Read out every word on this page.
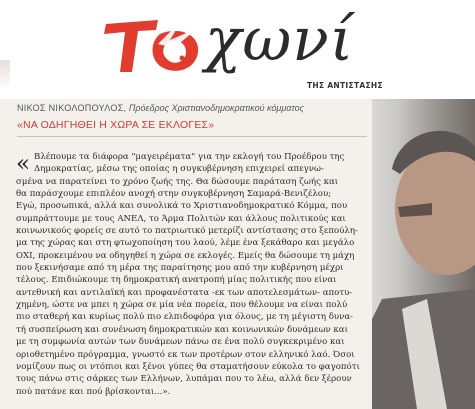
χωνί
ΤΗΣ ΑΝΤΙΣΤΑΣΗΣ
ΝΙΚΟΣ ΝΙΚΟΛΟΠΟΥΛΟΣ, Πρόεδρος Χριστιανοδημοκρατικού κόμματος
«ΝΑ ΟΔΗΓΗΘΕΙ Η ΧΩΡΑ ΣΕ ΕΚΛΟΓΕΣ»
« Βλέπουμε τα διάφορα "μαγειρέματα" για την εκλογή του Προέδρου της
Δημοκρατίας, μέσω της οποίας η συγκυβέρνηση επιχειρεί απεγνω-
σμένα να παρατείνει το χρόνο ζωής της. Θα δώσουμε παράταση ζωής και
θα παράσχουμε επιπλέον ανοχή στην συγκυβέρνηση Σαμαρά-Βενιζέλου;
Εγώ, προσωπικά, αλλά και συνολικά το Χριστιανοδημοκρατικό Κόμμα, που
συμπράττουμε με τους ΑΝΕΛ, το Άρμα Πολιτών και άλλους πολιτικούς και
κοινωνικούς φορείς σε αυτό το πατριωτικό μετερίζι αντίστασης στο ξεπούλη-
μα της χώρας και στη φτωχοποίηση του λαού, λέμε ένα ξεκάθαρο και μεγάλο
ΟΧΙ, προκειμένου να οδηγηθεί η χώρα σε εκλογές. Εμείς θα δώσουμε τη μάχη
που ξεκινήσαμε από τη μέρα της παραίτησης μου από την κυβέρνηση μέχρι
τέλους. Επιδιώκουμε τη δημοκρατική ανατροπή μίας πολιτικής που είναι
αντεθνική και αντιλαϊκή και προφανέστατα -εκ των αποτελεσμάτων- αποτυ-
χημένη, ώστε να μπει η χώρα σε μία νέα πορεία, που θέλουμε να είναι πολύ
πιο σταθερή και κυρίως πολύ πιο ελπιδοφόρα για όλους, με τη μέγιστη δυνα-
τή συσπείρωση και συνένωση δημοκρατικών και κοινωνικών δυνάμεων και
με τη συμφωνία αυτών των δυνάμεων πάνω σε ένα πολύ συγκεκριμένο και
οριοθετημένο πρόγραμμα, γνωστό εκ των προτέρων στον ελληνικό λαό. Όσοι
νομίζουν πως οι ντόπιοι και ξένοι γύπες θα σταματήσουν εύκολα το φαγοπότι
τους πάνω στις σάρκες των Ελλήνων, λυπάμαι που το λέω, αλλά δεν ξέρουν
πού πατάνε και πού βρίσκονται...».
